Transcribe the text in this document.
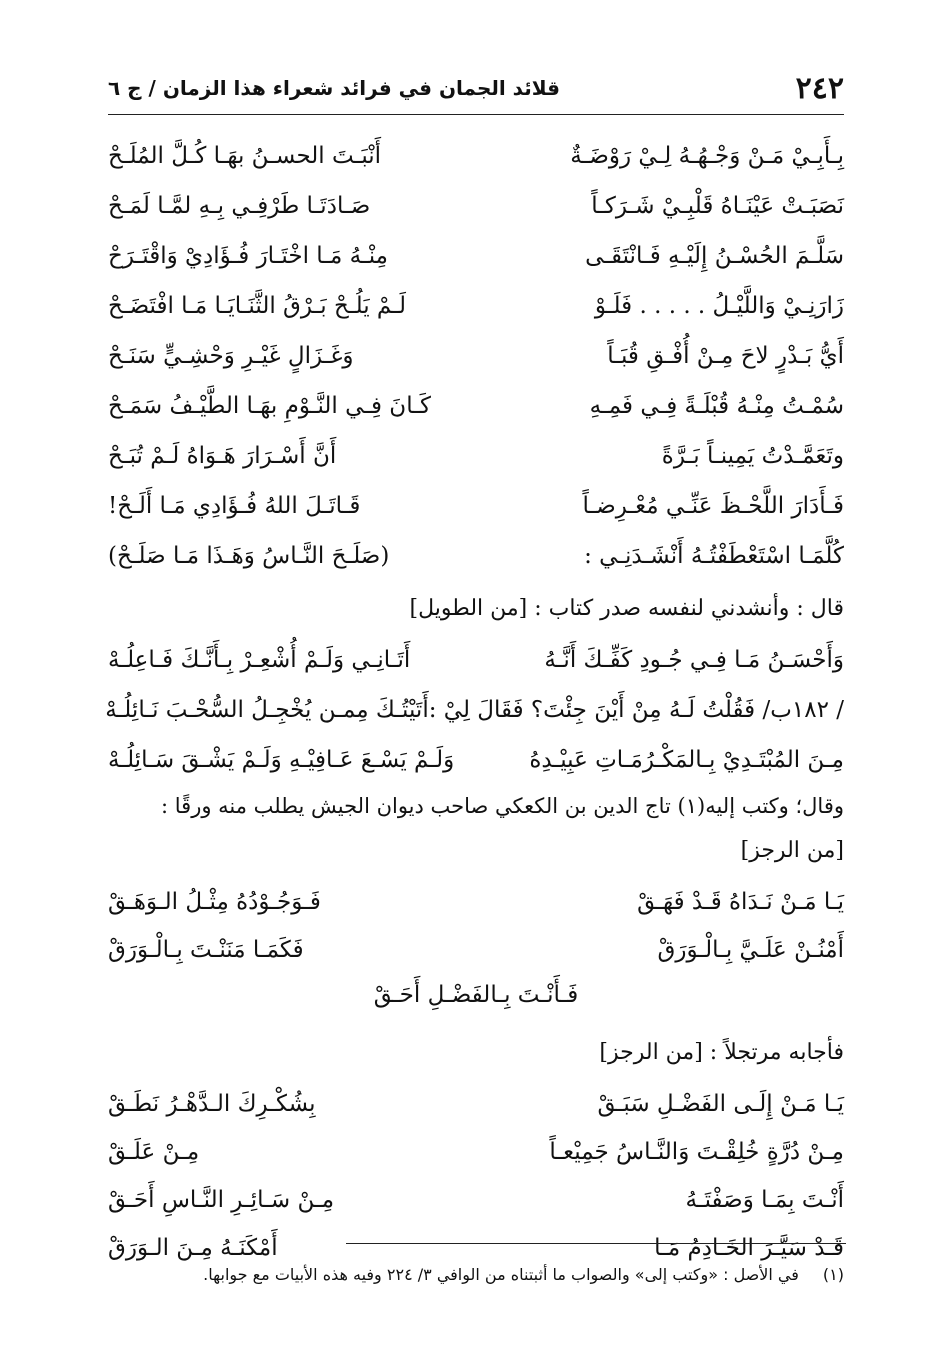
٢٤٢
قلائد الجمان في فرائد شعراء هذا الزمان / ج ٦
بِـأَبِـيْ مَـنْ وَجْـهُـهُ لِـيْ رَوْضَـةٌ
أَنْبَـتَ الحسـنُ بهَـا كُـلَّ المُلَـحْ
نَصَبَـتْ عَيْنَـاهُ قَلْبِـيْ شَـرَكـاً
صَـادَتَـا طَرْفِـي بِـهِ لمَّـا لَمَـحْ
سَلَّـمَ الحُسْـنُ إِلَيْـهِ فَـانْتَقَـى
مِنْـهُ مَـا اخْتَـارَ فُـؤَادِيْ وَاقْتَـرَحْ
زَارَنِـيْ وَاللَّيْـلُ . . . . . فَلَـوْ
لَـمْ يَلُـحْ بَـرْقُ الثَّنَـايَـا مَـا افْتَضَـحْ
أَيُّ بَـدْرٍ لاحَ مِـنْ أُفْـقِ قُبَـاً
وَغَـزَالٍ غَيْـرِ وَحْشِـيٍّ سَنَـحْ
سُمْـتُ مِنْـهُ قُبْلَـةً فِـي فَمِـهِ
كَـانَ فِـي النَّـوْمِ بهَـا الطَّيْـفُ سَمَـحْ
وتَعَمَّـدْتُ يَمِينـاً بَـرَّةً
أَنَّ أَسْـرَارَ هَـوَاهُ لَـمْ تُبَـحْ
فَـأَدَارَ اللَّحْـظَ عَنِّـي مُعْـرِضـاً
قَـاتَـلَ اللهُ فُـؤَادِي مَـا أَلَـحْ!
كُلَّمَـا اسْتَعْطَفْتُـهُ أَنْشَـدَنِـي :
(صَلَـحَ النَّـاسُ وَهَـذَا مَـا صَلَـحْ)
قال : وأنشدني لنفسه صدر كتاب : [من الطويل]
وَأَحْسَـنُ مَـا فِـي جُـودِ كَفِّـكَ أَنَّـهُ
أَتَـانِـي وَلَـمْ أُشْعِـرْ بِـأَنَّـكَ فَـاعِلُـهْ
/ ١٨٢ب/ فَقُلْتُ لَـهُ مِنْ أَيْنَ جِئْتَ؟ فَقَالَ لِيْ :
أَتَيْتُـكَ مِمـن يُخْجِـلُ السُّحْـبَ نَـائِلُـهْ
مِـنَ المُبْتَـدِيْ بِـالمَكْـرُمَـاتِ عَبِيْـدِهُ
وَلَـمْ يَسْـعَ عَـافِيْـهِ وَلَـمْ يَشْـقَ سَـائِلُـهْ
وقال؛ وكتب إليه(١) تاج الدين بن الكعكي صاحب ديوان الجيش يطلب منه ورقًا :
[من الرجز]
يَـا مَـنْ نَـدَاهُ قَـدْ فَهَـقْ
فَـوَجُـوْدُهُ مِثْـلُ الـوَهَـقْ
أَمْنُـنْ عَلَـيَّ بِـالْـوَرَقْ
فَكَمَـا مَنَنْـتَ بِـالْـوَرَقْ
فَـأَنْـتَ بِـالفَضْـلِ أَحَـقْ
فأجابه مرتجلاً : [من الرجز]
يَـا مَـنْ إِلَـى الفَضْـلِ سَبَـقْ
بِشُكْـرِكَ الـدَّهْـرُ نَطَـقْ
مِـنْ دُرَّةٍ خُلِقْـتَ وَالنَّـاسُ جَمِيْعـاً
مِـنْ عَلَـقْ
أَنْـتَ بِمَـا وَصَفْتَـهُ
مِـنْ سَـائِـرِ النَّـاسِ أَحَـقْ
قَـدْ سَيَّـرَ الخَـادِمُ مَـا
أَمْكَنَـهُ مِـنَ الـوَرَقْ
(١)في الأصل : «وكتب إلى» والصواب ما أثبتناه من الوافي ٣/ ٢٢٤ وفيه هذه الأبيات مع جوابها.
